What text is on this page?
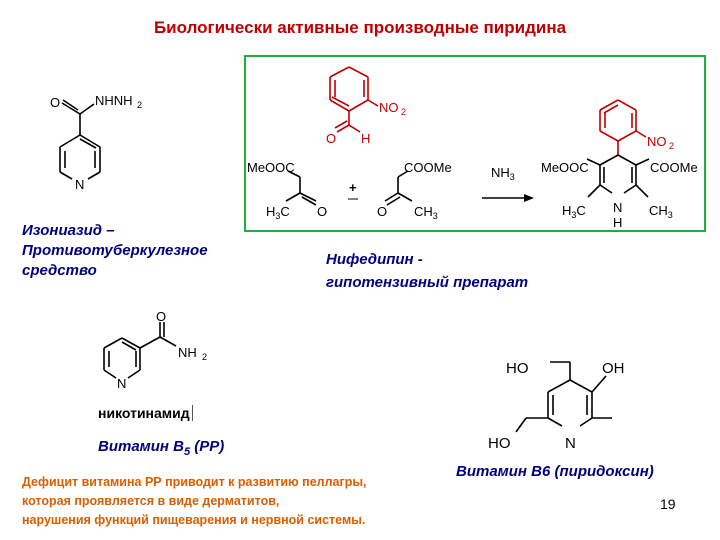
Биологически активные производные пиридина
O	NHNH 2
N
Изониазид –
Противотуберкулезное
средство
NO 2
O H
MeOOC
$H_3C$ O
+
COOMe
O $CH_3$
$NH_3$
NO 2
MeOOC	COOMe
$H_3C$ N
H
$CH_3$
Нифедипин -
гипотензивный препарат
O
NH 2
N
никотинамид
Витамин $В_5$ (РР)
HO	OH
HO	N
Витамин В6 (пиридоксин)
Дефицит витамина РР приводит к развитию пеллагры,
которая проявляется в виде дерматитов,
нарушения функций пищеварения и нервной системы.
19
